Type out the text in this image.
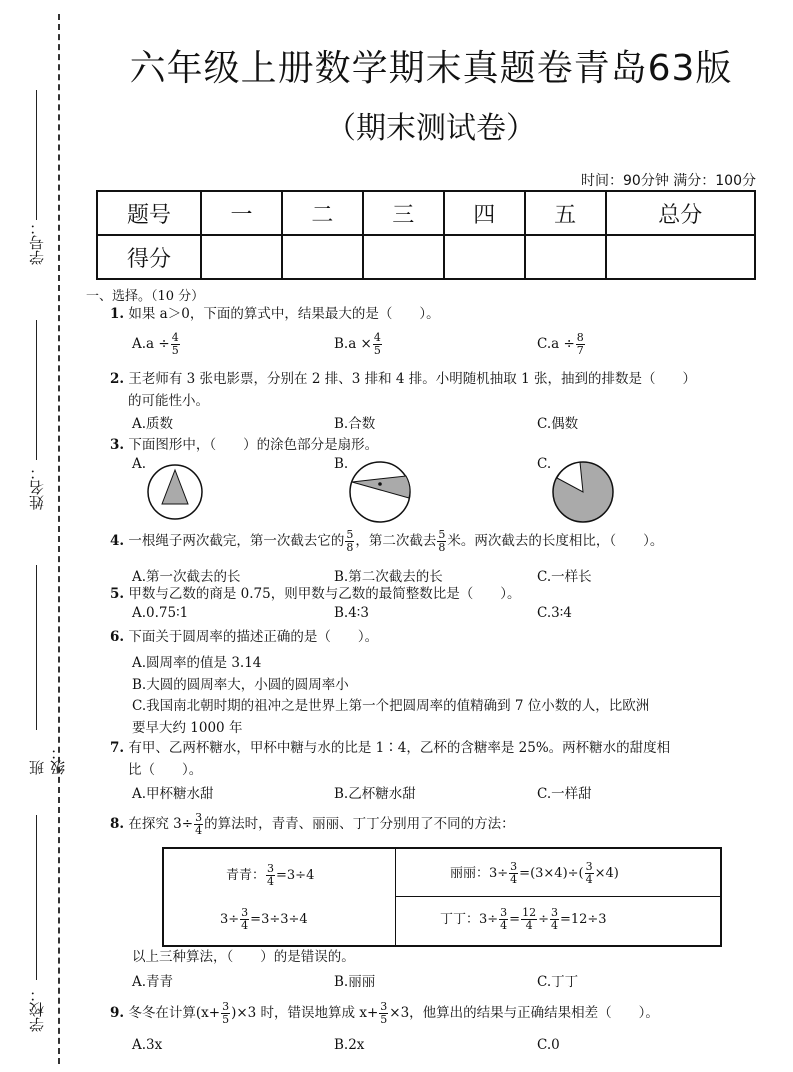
学号：
姓名：
班级：
学校：
六年级上册数学期末真题卷青岛63版
（期末测试卷）
时间：90分钟 满分：100分
题号	一	二	三	四	五	总分
得分						
一、选择。（10 分）
1. 如果 a＞0，下面的算式中，结果最大的是（　　）。
$A.a \div \frac{4}{5}$	$B.a \times \frac{4}{5}$	$C.a \div \frac{8}{7}$
2. 王老师有 3 张电影票，分别在 2 排、3 排和 4 排。小明随机抽取 1 张，抽到的排数是（　　）
的可能性小。
A.质数	B.合数	C.偶数
3. 下面图形中，（　　）的涂色部分是扇形。
A.	B.	C.
4. 一根绳子两次截完，第一次截去它的 $\frac{5}{8}$ ，第二次截去 $\frac{5}{8}$ 米。两次截去的长度相比，（　　）。
A.第一次截去的长	B.第二次截去的长	C.一样长
5. 甲数与乙数的商是 0.75，则甲数与乙数的最简整数比是（　　）。
A.0.75∶1	B.4∶3	C.3∶4
6. 下面关于圆周率的描述正确的是（　　）。
A.圆周率的值是 3.14
B.大圆的圆周率大，小圆的圆周率小
C.我国南北朝时期的祖冲之是世界上第一个把圆周率的值精确到 7 位小数的人，比欧洲
要早大约 1000 年
7. 有甲、乙两杯糖水，甲杯中糖与水的比是 1∶4，乙杯的含糖率是 25%。两杯糖水的甜度相
比（　　）。
A.甲杯糖水甜	B.乙杯糖水甜	C.一样甜
8. 在探究 $3\div \frac{3}{4}$ 的算法时，青青、丽丽、丁丁分别用了不同的方法：
青青： $\frac{3}{4} =3\div 4$
$3\div \frac{3}{4} =3\div 3\div 4$
丽丽：$3\div \frac{3}{4} =(3\times 4)\div( \frac{3}{4} \times 4)$
丁丁：$3\div \frac{3}{4} = \frac{12}{4} \div \frac{3}{4} =12\div 3$
以上三种算法，（　　）的是错误的。
A.青青	B.丽丽	C.丁丁
9. 冬冬在计算$(x+ \frac{3}{5} )\times 3$ 时，错误地算成 $x+ \frac{3}{5} \times 3$，他算出的结果与正确结果相差（　　）。
A.3x	B.2x	C.0
